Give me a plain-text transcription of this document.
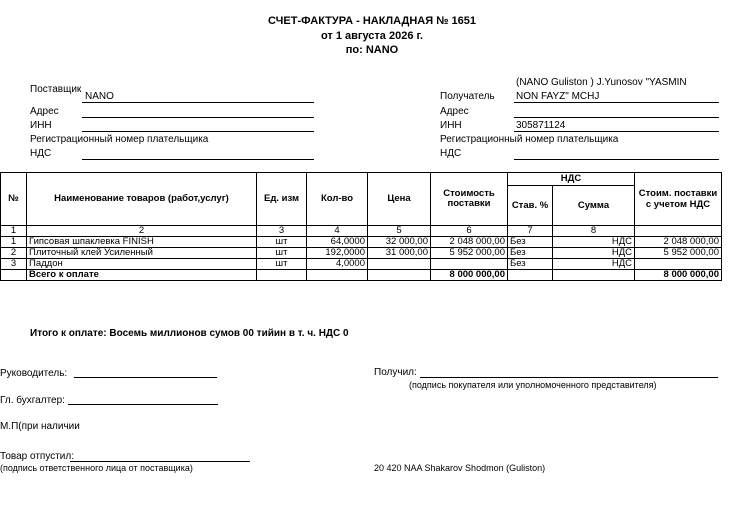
СЧЕТ-ФАКТУРА - НАКЛАДНАЯ № 1651
от 1 августа 2026 г.
по: NANO
Поставщик
NANO
Адрес
ИНН
Регистрационный номер плательщика
НДС
(NANO Guliston ) J.Yunosov "YASMIN
Получатель NON FAYZ" MCHJ
Адрес
ИНН	305871124
Регистрационный номер плательщика
НДС
№	Наименование товаров (работ,услуг)	Ед. изм	Кол-во	Цена	Стоимость поставки	НДС		Стоим. поставки с учетом НДС
						Став. %	Сумма	
1	2	3	4	5	6	7	8	
1	Гипсовая шпаклевка FINISH	шт	64,0000	32 000,00	2 048 000,00	Без	НДС	2 048 000,00
2	Плиточный клей Усиленный	шт	192,0000	31 000,00	5 952 000,00	Без	НДС	5 952 000,00
3	Паддон	шт	4,0000			Без	НДС	
	Всего к оплате				8 000 000,00			8 000 000,00
Итого к оплате: Восемь миллионов сумов 00 тийин в т. ч. НДС 0
Руководитель:
Гл. бухгалтер:
М.П(при наличии
Товар отпустил:
(подпись ответственного лица от поставщика)
Получил:
(подпись покупателя или уполномоченного представителя)
20 420 NAA Shakarov Shodmon (Guliston)
